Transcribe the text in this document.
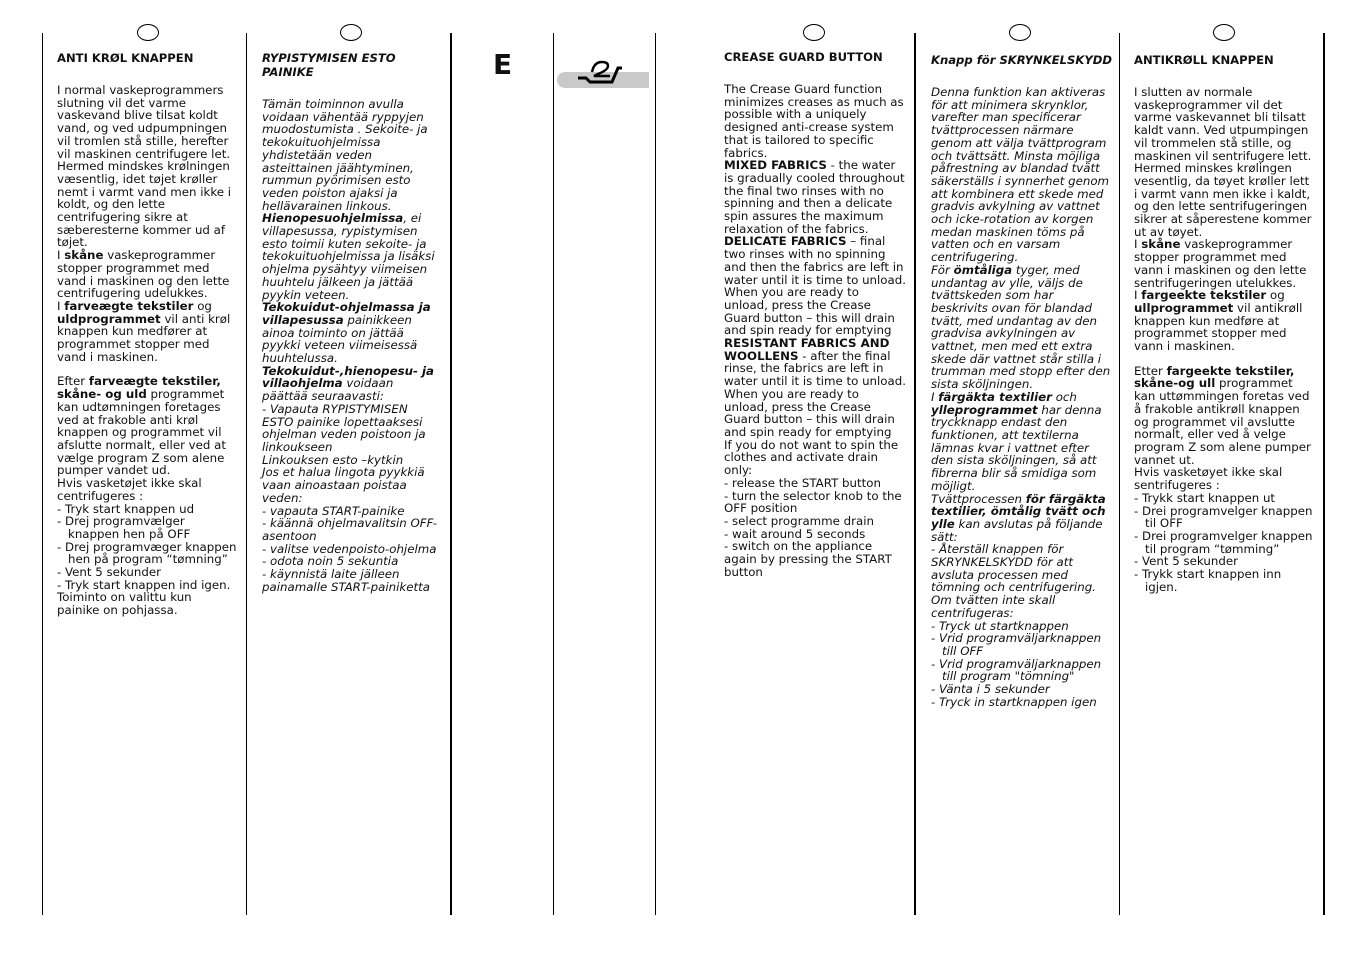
E
ANTI KRØL KNAPPEN

I normal vaskeprogrammers slutning vil det varme vaskevand blive tilsat koldt vand, og ved udpumpningen vil tromlen stå stille, herefter vil maskinen centrifugere let. Hermed mindskes krølningen væsentlig, idet tøjet krøller nemt i varmt vand men ikke i koldt, og den lette centrifugering sikre at sæberesterne kommer ud af tøjet.

I skåne vaskeprogrammer stopper programmet med vand i maskinen og den lette centrifugering udelukkes.

I farveægte tekstiler og uldprogrammet vil anti krøl knappen kun medfører at programmet stopper med vand i maskinen.

Efter farveægte tekstiler, skåne- og uld programmet kan udtømningen foretages ved at frakoble anti krøl knappen og programmet vil afslutte normalt, eller ved at vælge program Z som alene pumper vandet ud.

Hvis vasketøjet ikke skal centrifugeres :

- Tryk start knappen ud

- Drej programvælger knappen hen på OFF

- Drej programvæger knappen hen på program “tømning”

- Vent 5 sekunder

- Tryk start knappen ind igen. Toiminto on valittu kun painike on pohjassa.

RYPISTYMISEN ESTO PAINIKE

Tämän toiminnon avulla voidaan vähentää ryppyjen muodostumista . Sekoite- ja tekokuituohjelmissa yhdistetään veden asteittainen jäähtyminen, rummun pyörimisen esto veden poiston ajaksi ja hellävarainen linkous.

Hienopesuohjelmissa, ei villapesussa, rypistymisen esto toimii kuten sekoite- ja tekokuituohjelmissa ja lisäksi ohjelma pysähtyy viimeisen huuhtelu jälkeen ja jättää pyykin veteen.

Tekokuidut-ohjelmassa ja villapesussa painikkeen ainoa toiminto on jättää pyykki veteen viimeisessä huuhtelussa.

Tekokuidut-,hienopesu- ja villaohjelma voidaan päättää seuraavasti:

- Vapauta RYPISTYMISEN ESTO painike lopettaaksesi ohjelman veden poistoon ja linkoukseen

Linkouksen esto –kytkin

Jos et halua lingota pyykkiä vaan ainoastaan poistaa veden:

- vapauta START-painike

- käännä ohjelmavalitsin OFF-asentoon

- valitse vedenpoisto-ohjelma

- odota noin 5 sekuntia

- käynnistä laite jälleen painamalle START-painiketta

CREASE GUARD BUTTON

The Crease Guard function minimizes creases as much as possible with a uniquely designed anti-crease system that is tailored to specific fabrics.

MIXED FABRICS - the water is gradually cooled throughout the final two rinses with no spinning and then a delicate spin assures the maximum relaxation of the fabrics.

DELICATE FABRICS – final two rinses with no spinning and then the fabrics are left in water until it is time to unload. When you are ready to unload, press the Crease Guard button – this will drain and spin ready for emptying

RESISTANT FABRICS AND WOOLLENS - after the final rinse, the fabrics are left in water until it is time to unload. When you are ready to unload, press the Crease Guard button – this will drain and spin ready for emptying

If you do not want to spin the clothes and activate drain only:

- release the START button

- turn the selector knob to the OFF position

- select programme drain

- wait around 5 seconds

- switch on the appliance again by pressing the START button

Knapp för SKRYNKELSKYDD

Denna funktion kan aktiveras för att minimera skrynklor, varefter man specificerar tvättprocessen närmare genom att välja tvättprogram och tvättsätt. Minsta möjliga påfrestning av blandad tvätt säkerställs i synnerhet genom att kombinera ett skede med gradvis avkylning av vattnet och icke-rotation av korgen medan maskinen töms på vatten och en varsam centrifugering.

För ömtåliga tyger, med undantag av ylle, väljs de tvättskeden som har beskrivits ovan för blandad tvätt, med undantag av den gradvisa avkylningen av vattnet, men med ett extra skede där vattnet står stilla i trumman med stopp efter den sista sköljningen.

I färgäkta textilier och ylleprogrammet har denna tryckknapp endast den funktionen, att textilerna lämnas kvar i vattnet efter den sista sköljningen, så att fibrerna blir så smidiga som möjligt.

Tvättprocessen för färgäkta textilier, ömtålig tvätt och ylle kan avslutas på följande sätt:

- Återställ knappen för SKRYNKELSKYDD för att avsluta processen med tömning och centrifugering.

Om tvätten inte skall centrifugeras:

- Tryck ut startknappen

- Vrid programväljarknappen till OFF

- Vrid programväljarknappen till program "tömning"

- Vänta i 5 sekunder

- Tryck in startknappen igen

ANTIKRØLL KNAPPEN

I slutten av normale vaskeprogrammer vil det varme vaskevannet bli tilsatt kaldt vann. Ved utpumpingen vil trommelen stå stille, og maskinen vil sentrifugere lett. Hermed minskes krølingen vesentlig, da tøyet krøller lett i varmt vann men ikke i kaldt, og den lette sentrifugeringen sikrer at såperestene kommer ut av tøyet.

I skåne vaskeprogrammer stopper programmet med vann i maskinen og den lette sentrifugeringen utelukkes.

I fargeekte tekstiler og ullprogrammet vil antikrøll knappen kun medføre at programmet stopper med vann i maskinen.

Etter fargeekte tekstiler, skåne-og ull programmet kan uttømmingen foretas ved å frakoble antikrøll knappen og programmet vil avslutte normalt, eller ved å velge program Z som alene pumper vannet ut.

Hvis vasketøyet ikke skal sentrifugeres :

- Trykk start knappen ut

- Drei programvelger knappen til OFF

- Drei programvelger knappen til program “tømming”

- Vent 5 sekunder

- Trykk start knappen inn igjen.
